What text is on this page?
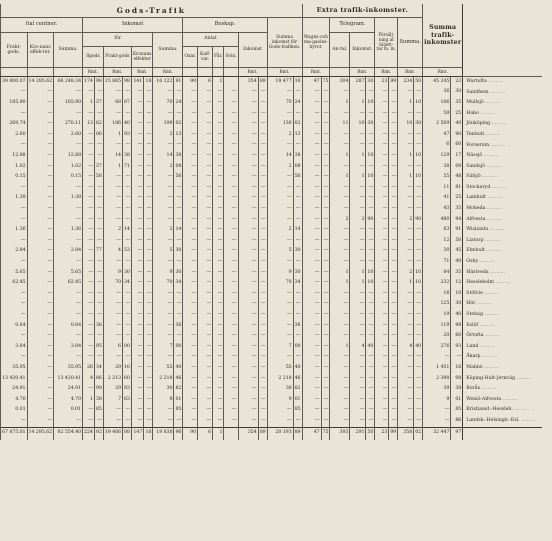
Gods-Trafik																			Extra trafik-inkomster.									Summa trafik-inkomster		
ital centner.			Inkomst								Boskap.						Summa inkomst för Gods-trafiken.		Wagns-och ma-gasins-hyror.		Telegram.			Försälj-ning af biljett-tar m. m.		Summa.				
Frakt-gods.	Kro-nans effek-ter.	Summa.	för						Summa.		Antal				Inkomst						An-tal.	Inkomst.								
			Ilgods		Frakt-gods		Kronans effekter				Oxar.	Kalf-var.	Får.	Svin.																
			Rmt.		Rmt.		Rmt.		Rmt.						Rmt.		Rmt.		Rmt.			Rmt.		Rmt.		Rmt.		Rmt.		
39 800.07	14 295.62	66 248.34	174	98	15 865	98	141	18	16 122	91	90	6	1		354	89	18 477	16	47	75	304	287	30	23	99	234	50	45 245	23	Wartofta ..........
—	—	—	—	—	—	—	—	—	—	—	—	—	—	—	—	—	—	—	—	—	—	—	—	—	—	—	—	36	30	Sandhem ..........
185.90	—	185.90	1	37	68	87	—	—	70	24	—	—	—	—	—	—	70	24	—	—	1	1	10	—	—	1	10	106	35	Mullsjö ..........
—	—	—	—	—	—	—	—	—	—	—	—	—	—	—	—	—	—	—	—	—	—	—	—	—	—	—	—	59	25	Habo ..........
269.74	—	270.11	13	62	186	40	—	—	199	02	—	—	—	—	—	—	136	02	—	—	11	10	30	—	—	10	30	2 509	40	Jönköping ..........
2.60	—	2.60	—	06	1	93	—	—	2	13	—	—	—	—	—	—	2	13	—	—	—	—	—	—	—	—	—	47	90	Tenhult ..........
—	—	—	—	—	—	—	—	—	—	—	—	—	—	—	—	—	—	—	—	—	—	—	—	—	—	—	—	6	60	Forserum ..........
12.88	—	12.88	—	—	14	38	—	—	14	38	—	—	—	—	—	—	14	38	—	—	1	1	10	—	—	1	10	129	17	Nässjö ..........
1.02	—	1.02	—	37	1	71	—	—	2	08	—	—	—	—	—	—	2	08	—	—	—	—	—	—	—	—	—	38	09	Sandsjö ..........
0.15	—	0.15	—	56	—	—	—	—	—	56	—	—	—	—	—	—	—	56	—	—	1	1	10	—	—	1	10	55	48	Säfsjö ..........
—	—	—	—	—	—	—	—	—	—	—	—	—	—	—	—	—	—	—	—	—	—	—	—	—	—	—	—	11	81	Stockaryd ..........
1.38	—	1.38	—	—	—	—	—	—	—	—	—	—	—	—	—	—	—	—	—	—	—	—	—	—	—	—	—	41	25	Lamhult ..........
—	—	—	—	—	—	—	—	—	—	—	—	—	—	—	—	—	—	—	—	—	—	—	—	—	—	—	—	43	35	Moheda ..........
—	—	—	—	—	—	—	—	—	—	—	—	—	—	—	—	—	—	—	—	—	2	2	90	—	—	2	90	480	94	Alfvesta ..........
1.36	—	1.36	—	—	2	14	—	—	2	14	—	—	—	—	—	—	2	14	—	—	—	—	—	—	—	—	—	83	91	Wislanda ..........
—	—	—	—	—	—	—	—	—	—	—	—	—	—	—	—	—	—	—	—	—	—	—	—	—	—	—	—	12	50	Liatorp ..........
2.84	—	2.84	—	77	4	53	—	—	5	30	—	—	—	—	—	—	5	30	—	—	—	—	—	—	—	—	—	30	45	Elmhult ..........
—	—	—	—	—	—	—	—	—	—	—	—	—	—	—	—	—	—	—	—	—	—	—	—	—	—	—	—	71	40	Osby ..........
5.65	—	5.65	—	—	9	30	—	—	9	30	—	—	—	—	—	—	9	30	—	—	1	1	10	—	—	2	10	84	35	Hästveda ..........
62.45	—	62.45	—	—	70	34	—	—	70	34	—	—	—	—	—	—	70	34	—	—	1	1	10	—	—	1	10	232	12	Hessleholm ..........
—	—	—	—	—	—	—	—	—	—	—	—	—	—	—	—	—	—	—	—	—	—	—	—	—	—	—	—	16	10	Stöfvie ..........
—	—	—	—	—	—	—	—	—	—	—	—	—	—	—	—	—	—	—	—	—	—	—	—	—	—	—	—	125	30	Hör ..........
—	—	—	—	—	—	—	—	—	—	—	—	—	—	—	—	—	—	—	—	—	—	—	—	—	—	—	—	19	40	Stehag ..........
0.64	—	0.64	—	36	—	—	—	—	—	36	—	—	—	—	—	—	—	36	—	—	—	—	—	—	—	—	—	119	98	Eslöf ..........
—	—	—	—	—	—	—	—	—	—	—	—	—	—	—	—	—	—	—	—	—	—	—	—	—	—	—	—	20	60	Örtofta ..........
3.84	—	3.84	—	95	6	00	—	—	7	00	—	—	—	—	—	—	7	00	—	—	1	4	40	—	—	4	40	276	93	Lund ..........
—	—	—	—	—	—	—	—	—	—	—	—	—	—	—	—	—	—	—	—	—	—	—	—	—	—	—	—	—	—	Åkarp ..........
35.95	—	35.95	26	34	29	10	—	—	55	40	—	—	—	—	—	—	55	40	—	—	—	—	—	—	—	—	—	1 451	16	Malmö ..........
13 420.41	—	13 420.41	4	86	2 213	60	—	—	2 218	46	—	—	—	—	—	—	2 218	46	—	—	—	—	—	—	—	—	—	2 398	08	Köping-Hult-Jernväg ..........
24.91	—	24.91	—	99	29	83	—	—	30	82	—	—	—	—	—	—	30	82	—	—	—	—	—	—	—	—	—	39	38	Borås ..........
4.70	—	4.70	1	38	7	63	—	—	9	01	—	—	—	—	—	—	9	01	—	—	—	—	—	—	—	—	—	9	01	Wexiö-Alfvesta ..........
0.01	—	0.01	—	85	—	—	—	—	—	85	—	—	—	—	—	—	—	85	—	—	—	—	—	—	—	—	—	—	85	Kristianst.-Hessleh. ..........
—	—	—	—	—	—	—	—	—	—	—	—	—	—	—	—	—	—	—	—	—	—	—	—	—	—	—	—	—	86	Landsk.-Helsingb.-Esl. ..........
67 875.01	14 295.62	82 554.40	224	92	19 466	88	147	16	19 838	96	90	6	1		354	89	20 193	89	47	75	393	291	50	23	99	358	02	32 447	97	
